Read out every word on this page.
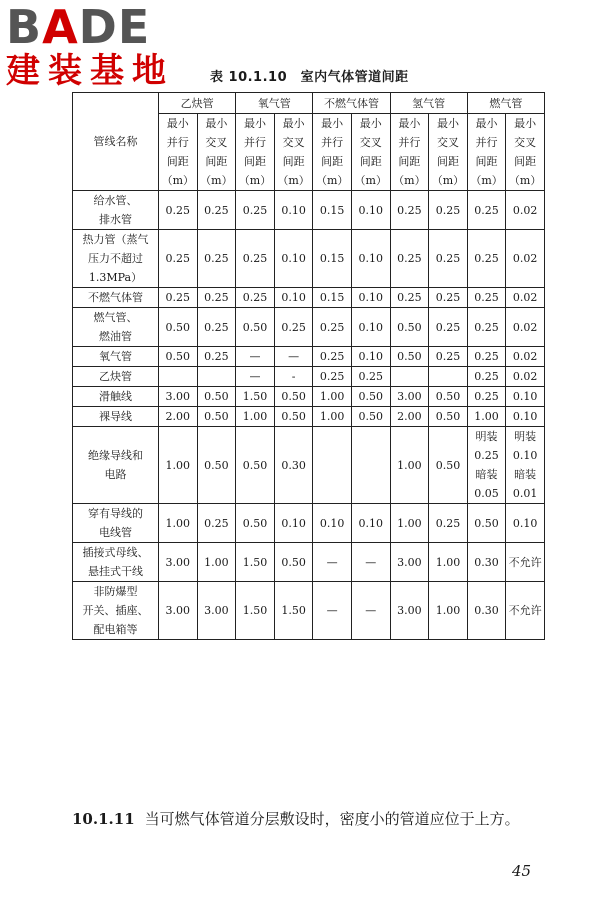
BADE
建装基地	表 10.1.10　室内气体管道间距
管线名称	乙炔管		氧气管		不燃气体管		氢气管		燃气管	
	最小
并行
间距
（m）	最小
交叉
间距
（m）	最小
并行
间距
（m）	最小
交叉
间距
（m）	最小
并行
间距
（m）	最小
交叉
间距
（m）	最小
并行
间距
（m）	最小
交叉
间距
（m）	最小
并行
间距
（m）	最小
交叉
间距
（m）
给水管、
排水管	0.25	0.25	0.25	0.10	0.15	0.10	0.25	0.25	0.25	0.02
热力管（蒸气
压力不超过
1.3MPa）	0.25	0.25	0.25	0.10	0.15	0.10	0.25	0.25	0.25	0.02
不燃气体管	0.25	0.25	0.25	0.10	0.15	0.10	0.25	0.25	0.25	0.02
燃气管、
燃油管	0.50	0.25	0.50	0.25	0.25	0.10	0.50	0.25	0.25	0.02
氧气管	0.50	0.25	—	—	0.25	0.10	0.50	0.25	0.25	0.02
乙炔管			—	-	0.25	0.25			0.25	0.02
滑触线	3.00	0.50	1.50	0.50	1.00	0.50	3.00	0.50	0.25	0.10
裸导线	2.00	0.50	1.00	0.50	1.00	0.50	2.00	0.50	1.00	0.10
绝缘导线和
电路	1.00	0.50	0.50	0.30			1.00	0.50	明装
0.25
暗装
0.05	明装
0.10
暗装
0.01
穿有导线的
电线管	1.00	0.25	0.50	0.10	0.10	0.10	1.00	0.25	0.50	0.10
插接式母线、
悬挂式干线	3.00	1.00	1.50	0.50	—	—	3.00	1.00	0.30	不允许
非防爆型
开关、插座、
配电箱等	3.00	3.00	1.50	1.50	—	—	3.00	1.00	0.30	不允许

10.1.11 当可燃气体管道分层敷设时，密度小的管道应位于上方。

45
